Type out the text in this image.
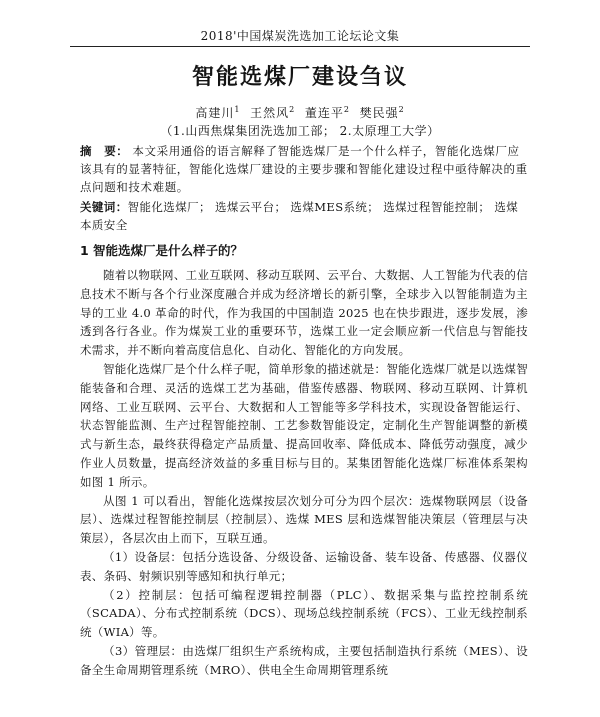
2018'中国煤炭洗选加工论坛论文集
智能选煤厂建设刍议
高建川$^1$ 王然风$^2$ 董连平$^2$ 樊民强$^2$
（1.山西焦煤集团洗选加工部； 2.太原理工大学）
摘　要： 本文采用通俗的语言解释了智能选煤厂是一个什么样子，智能化选煤厂应该具有的显著特征，智能化选煤厂建设的主要步骤和智能化建设过程中亟待解决的重点问题和技术难题。
关键词：智能化选煤厂； 选煤云平台； 选煤MES系统； 选煤过程智能控制； 选煤本质安全
1 智能选煤厂是什么样子的？

随着以物联网、工业互联网、移动互联网、云平台、大数据、人工智能为代表的信息技术不断与各个行业深度融合并成为经济增长的新引擎，全球步入以智能制造为主导的工业 4.0 革命的时代，作为我国的中国制造 2025 也在快步跟进，逐步发展，渗透到各行各业。作为煤炭工业的重要环节，选煤工业一定会顺应新一代信息与智能技术需求，并不断向着高度信息化、自动化、智能化的方向发展。

智能化选煤厂是个什么样子呢，简单形象的描述就是：智能化选煤厂就是以选煤智能装备和合理、灵活的选煤工艺为基础，借鉴传感器、物联网、移动互联网、计算机网络、工业互联网、云平台、大数据和人工智能等多学科技术，实现设备智能运行、状态智能监测、生产过程智能控制、工艺参数智能设定，定制化生产智能调整的新模式与新生态，最终获得稳定产品质量、提高回收率、降低成本、降低劳动强度，减少作业人员数量，提高经济效益的多重目标与目的。某集团智能化选煤厂标准体系架构如图 1 所示。

从图 1 可以看出，智能化选煤按层次划分可分为四个层次：选煤物联网层（设备层）、选煤过程智能控制层（控制层）、选煤 MES 层和选煤智能决策层（管理层与决策层），各层次由上而下，互联互通。

（1）设备层：包括分选设备、分级设备、运输设备、装车设备、传感器、仪器仪表、条码、射频识别等感知和执行单元；

（2）控制层：包括可编程逻辑控制器（PLC）、数据采集与监控控制系统（SCADA）、分布式控制系统（DCS）、现场总线控制系统（FCS）、工业无线控制系统（WIA）等。

（3）管理层：由选煤厂组织生产系统构成，主要包括制造执行系统（MES）、设备全生命周期管理系统（MRO）、供电全生命周期管理系统
